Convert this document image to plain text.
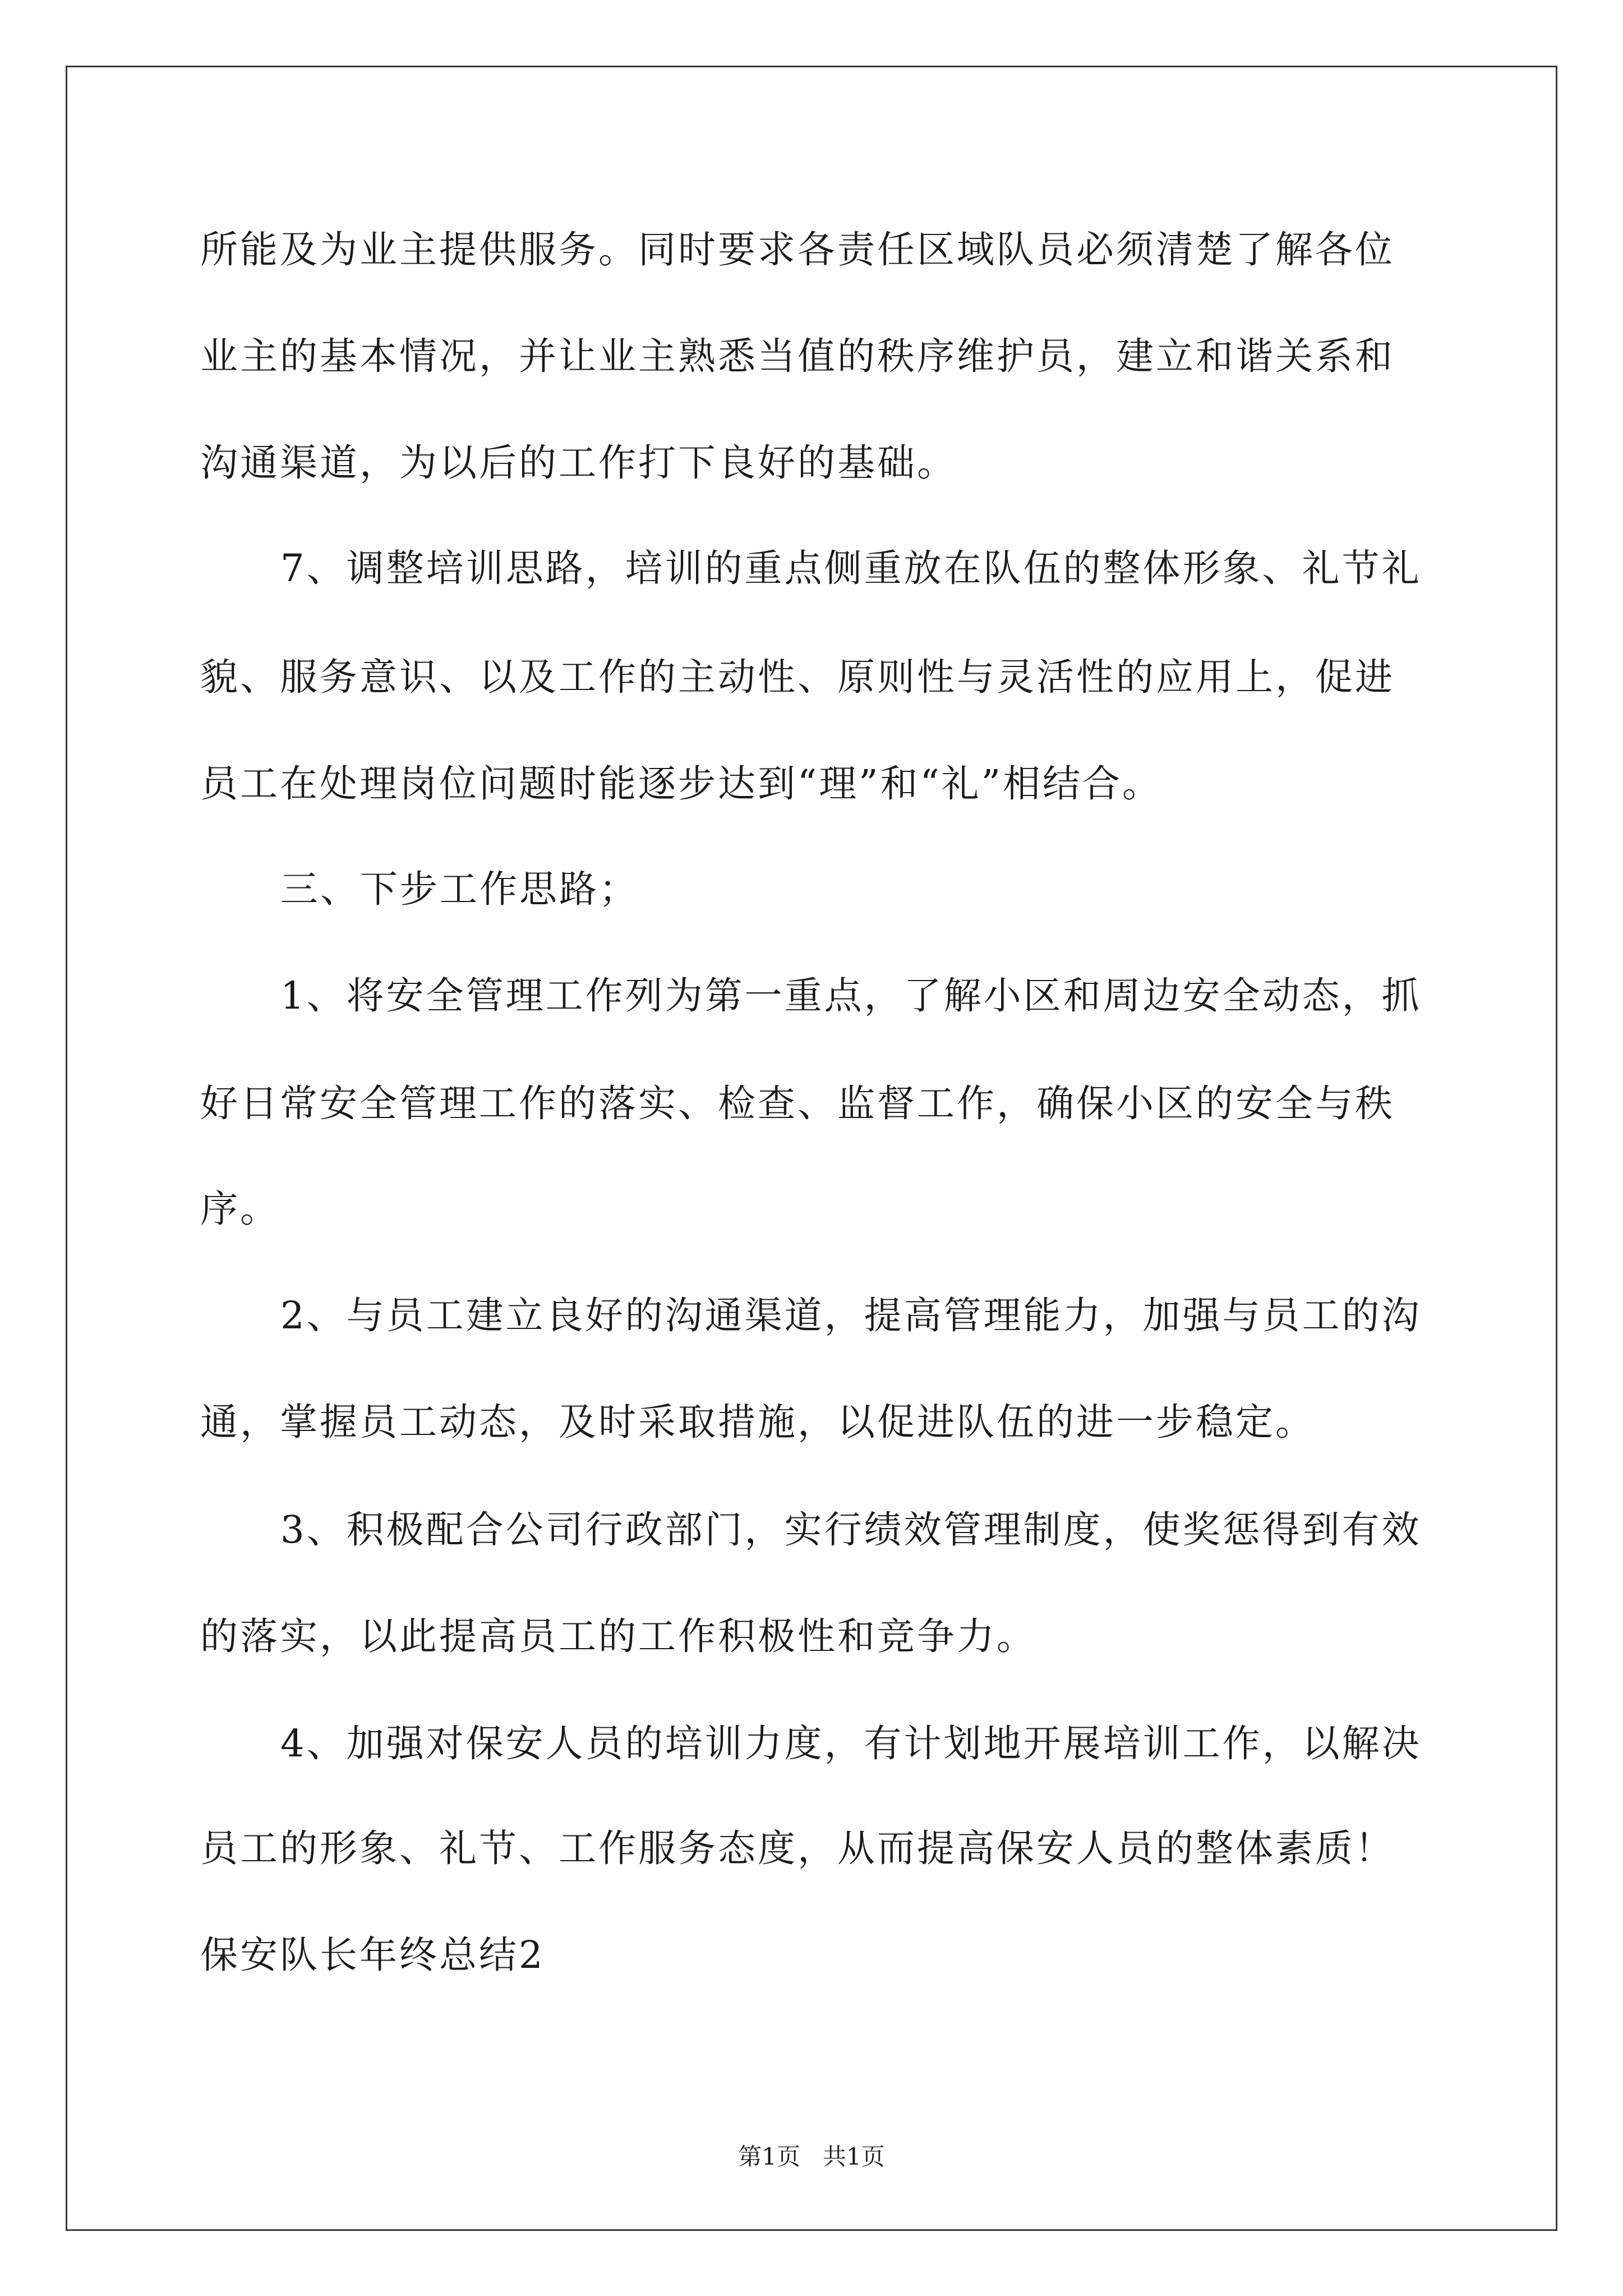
所能及为业主提供服务。同时要求各责任区域队员必须清楚了解各位
业主的基本情况，并让业主熟悉当值的秩序维护员，建立和谐关系和
沟通渠道，为以后的工作打下良好的基础。
7、调整培训思路，培训的重点侧重放在队伍的整体形象、礼节礼
貌、服务意识、以及工作的主动性、原则性与灵活性的应用上，促进
员工在处理岗位问题时能逐步达到“理”和“礼”相结合。
三、下步工作思路；
1、将安全管理工作列为第一重点，了解小区和周边安全动态，抓
好日常安全管理工作的落实、检查、监督工作，确保小区的安全与秩
序。
2、与员工建立良好的沟通渠道，提高管理能力，加强与员工的沟
通，掌握员工动态，及时采取措施，以促进队伍的进一步稳定。
3、积极配合公司行政部门，实行绩效管理制度，使奖惩得到有效
的落实，以此提高员工的工作积极性和竞争力。
4、加强对保安人员的培训力度，有计划地开展培训工作，以解决
员工的形象、礼节、工作服务态度，从而提高保安人员的整体素质！
保安队长年终总结2
第1页   共1页
